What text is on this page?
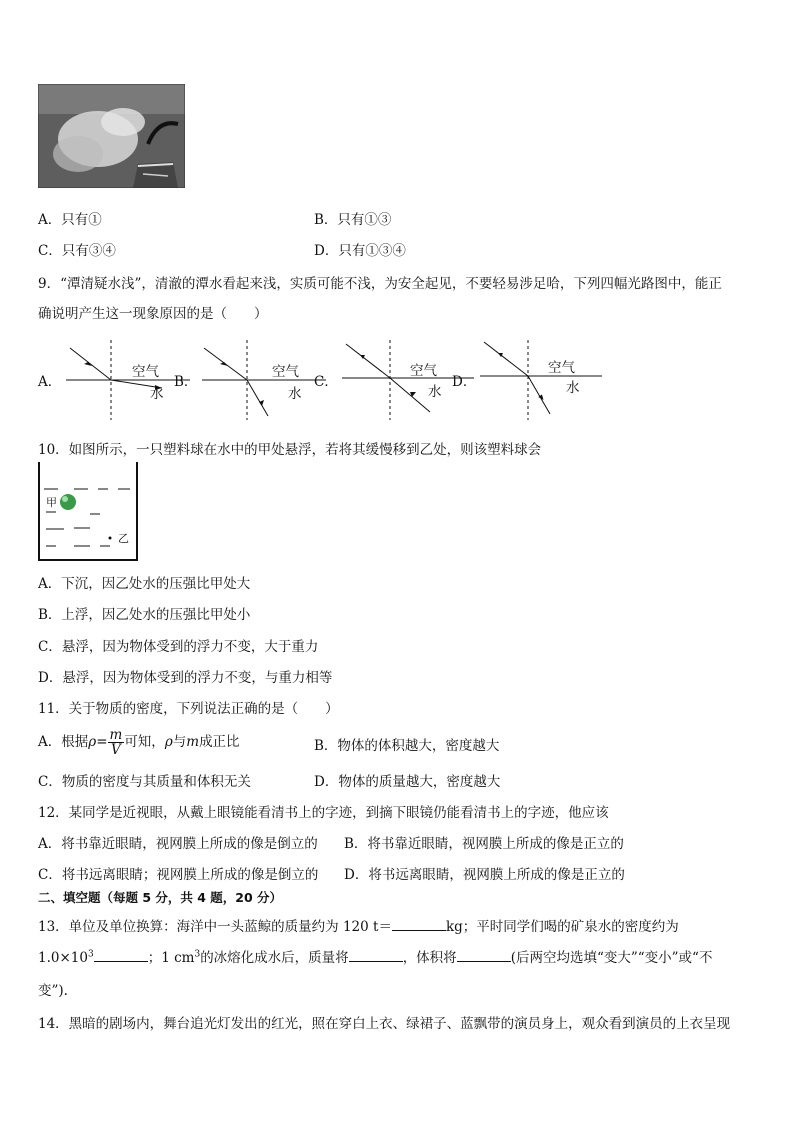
A．只有①	B．只有①③
C．只有③④	D．只有①③④
9．“潭清疑水浅”，清澈的潭水看起来浅，实质可能不浅，为安全起见，不要轻易涉足哈，下列四幅光路图中，能正
确说明产生这一现象原因的是（　　）
A．
空气
水
B．
空气
水
C．
空气
水
D．
空气
水
10．如图所示，一只塑料球在水中的甲处悬浮，若将其缓慢移到乙处，则该塑料球会
甲
乙
A．下沉，因乙处水的压强比甲处大
B．上浮，因乙处水的压强比甲处小
C．悬浮，因为物体受到的浮力不变，大于重力
D．悬浮，因为物体受到的浮力不变，与重力相等
11．关于物质的密度，下列说法正确的是（　　）
A．根据$\rho= \frac{m}{V}$ 可知，ρ与m成正比	B．物体的体积越大，密度越大
C．物质的密度与其质量和体积无关	D．物体的质量越大，密度越大
12．某同学是近视眼，从戴上眼镜能看清书上的字迹，到摘下眼镜仍能看清书上的字迹，他应该
A．将书靠近眼睛，视网膜上所成的像是倒立的 B．将书靠近眼睛，视网膜上所成的像是正立的
C．将书远离眼睛；视网膜上所成的像是倒立的 D．将书远离眼睛，视网膜上所成的像是正立的
二、填空题（每题 5 分，共 4 题，20 分）
13．单位及单位换算：海洋中一头蓝鲸的质量约为 120 t＝	kg；平时同学们喝的矿泉水的密度约为
$1.0\times 10^3$	；1 $cm^3$的冰熔化成水后，质量将	，体积将	(后两空均选填“变大”“变小”或“不
变”).
14．黑暗的剧场内，舞台追光灯发出的红光，照在穿白上衣、绿裙子、蓝飘带的演员身上，观众看到演员的上衣呈现
